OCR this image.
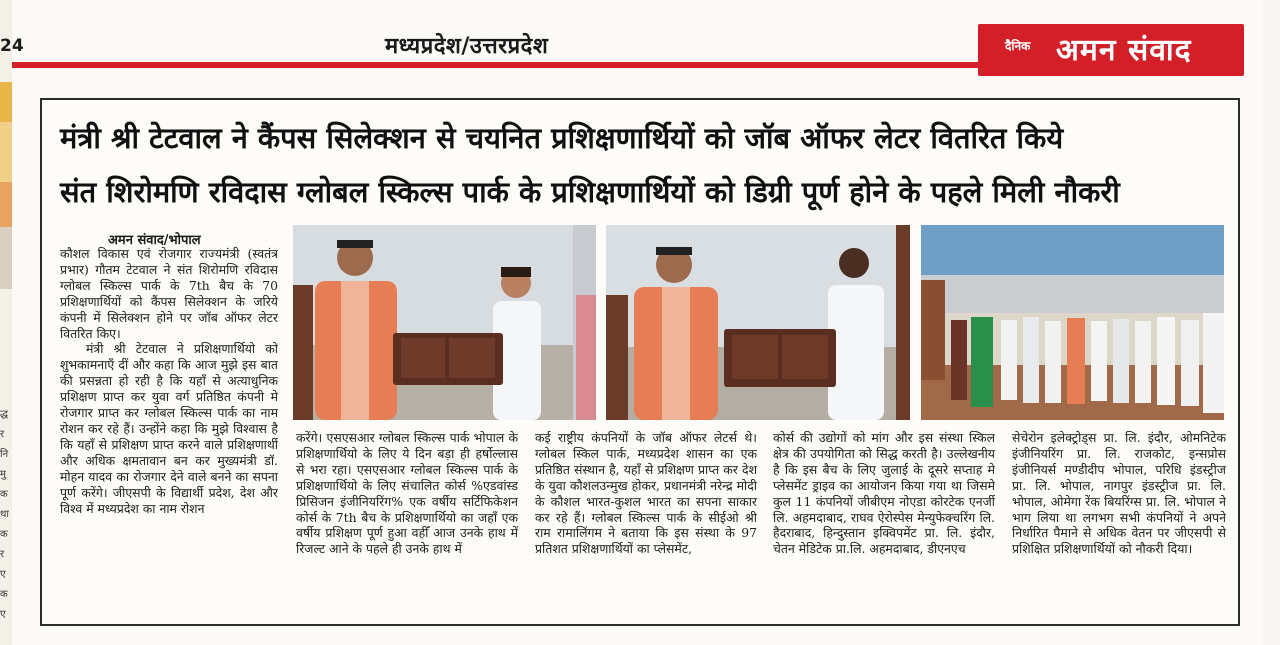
द्ध
र
नि
मु
क
था
क
र
ए
क
ए
24	मध्यप्रदेश/उत्तरप्रदेश	दैनिक अमन संवाद
मंत्री श्री टेटवाल ने कैंपस सिलेक्शन से चयनित प्रशिक्षणार्थियों को जॉब ऑफर लेटर वितरित किये
संत शिरोमणि रविदास ग्लोबल स्किल्स पार्क के प्रशिक्षणार्थियों को डिग्री पूर्ण होने के पहले मिली नौकरी
अमन संवाद/भोपाल

कौशल विकास एवं रोजगार राज्यमंत्री (स्वतंत्र प्रभार) गौतम टेटवाल ने संत शिरोमणि रविदास ग्लोबल स्किल्स पार्क के 7th बैच के 70 प्रशिक्षणार्थियों को कैंपस सिलेक्शन के जरिये कंपनी में सिलेक्शन होने पर जॉब ऑफर लेटर वितरित किए।

मंत्री श्री टेटवाल ने प्रशिक्षणार्थियो को शुभकामनाएँ दीं और कहा कि आज मुझे इस बात की प्रसन्नता हो रही है कि यहाँ से अत्याधुनिक प्रशिक्षण प्राप्त कर युवा वर्ग प्रतिष्ठित कंपनी मे रोजगार प्राप्त कर ग्लोबल स्किल्स पार्क का नाम रोशन कर रहे हैं। उन्होंने कहा कि मुझे विश्वास है कि यहाँ से प्रशिक्षण प्राप्त करने वाले प्रशिक्षणार्थी और अधिक क्षमतावान बन कर मुख्यमंत्री डॉ. मोहन यादव का रोजगार देने वाले बनने का सपना पूर्ण करेंगे। जीएसपी के विद्यार्थी प्रदेश, देश और विश्व में मध्यप्रदेश का नाम रोशन

करेंगे। एसएसआर ग्लोबल स्किल्स पार्क भोपाल के प्रशिक्षणार्थियो के लिए ये दिन बड़ा ही हर्षोल्लास से भरा रहा। एसएसआर ग्लोबल स्किल्स पार्क के प्रशिक्षणार्थियो के लिए संचालित कोर्स %एडवांस्ड प्रिसिजन इंजीनियरिंग% एक वर्षीय सर्टिफिकेशन कोर्स के 7th बैच के प्रशिक्षणार्थियो का जहाँ एक वर्षीय प्रशिक्षण पूर्ण हुआ वहीँ आज उनके हाथ में रिजल्ट आने के पहले ही उनके हाथ में

कई राष्ट्रीय कंपनियों के जॉब ऑफर लेटर्स थे। ग्लोबल स्किल पार्क, मध्यप्रदेश शासन का एक प्रतिष्ठित संस्थान है, यहाँ से प्रशिक्षण प्राप्त कर देश के युवा कौशलउन्मुख होकर, प्रधानमंत्री नरेन्द्र मोदी के कौशल भारत-कुशल भारत का सपना साकार कर रहे हैं। ग्लोबल स्किल्स पार्क के सीईओ श्री राम रामालिंगम ने बताया कि इस संस्था के 97 प्रतिशत प्रशिक्षणार्थियों का प्लेसमेंट,

कोर्स की उद्योगों को मांग और इस संस्था स्किल क्षेत्र की उपयोगिता को सिद्ध करती है। उल्लेखनीय है कि इस बैच के लिए जुलाई के दूसरे सप्ताह मे प्लेसमेंट ड्राइव का आयोजन किया गया था जिसमे कुल 11 कंपनियों जीबीएम नोएडा कोरटेक एनर्जी लि. अहमदाबाद, राघव ऐरोस्पेस मेन्युफेक्चरिंग लि. हैदराबाद, हिन्दुस्तान इक्विपमेंट प्रा. लि. इंदौर, चेतन मेडिटेक प्रा.लि. अहमदाबाद, डीएनएच

सेचेरोन इलेक्ट्रोड्स प्रा. लि. इंदौर, ओमनिटेक इंजीनियरिंग प्रा. लि. राजकोट, इन्सप्रोस इंजीनियर्स मण्डीदीप भोपाल, परिधि इंडस्ट्रीज प्रा. लि. भोपाल, नागपुर इंडस्ट्रीज प्रा. लि. भोपाल, ओमेगा रेंक बियरिंग्स प्रा. लि. भोपाल ने भाग लिया था लगभग सभी कंपनियों ने अपने निर्धारित पैमाने से अधिक वेतन पर जीएसपी से प्रशिक्षित प्रशिक्षणार्थियों को नौकरी दिया।
